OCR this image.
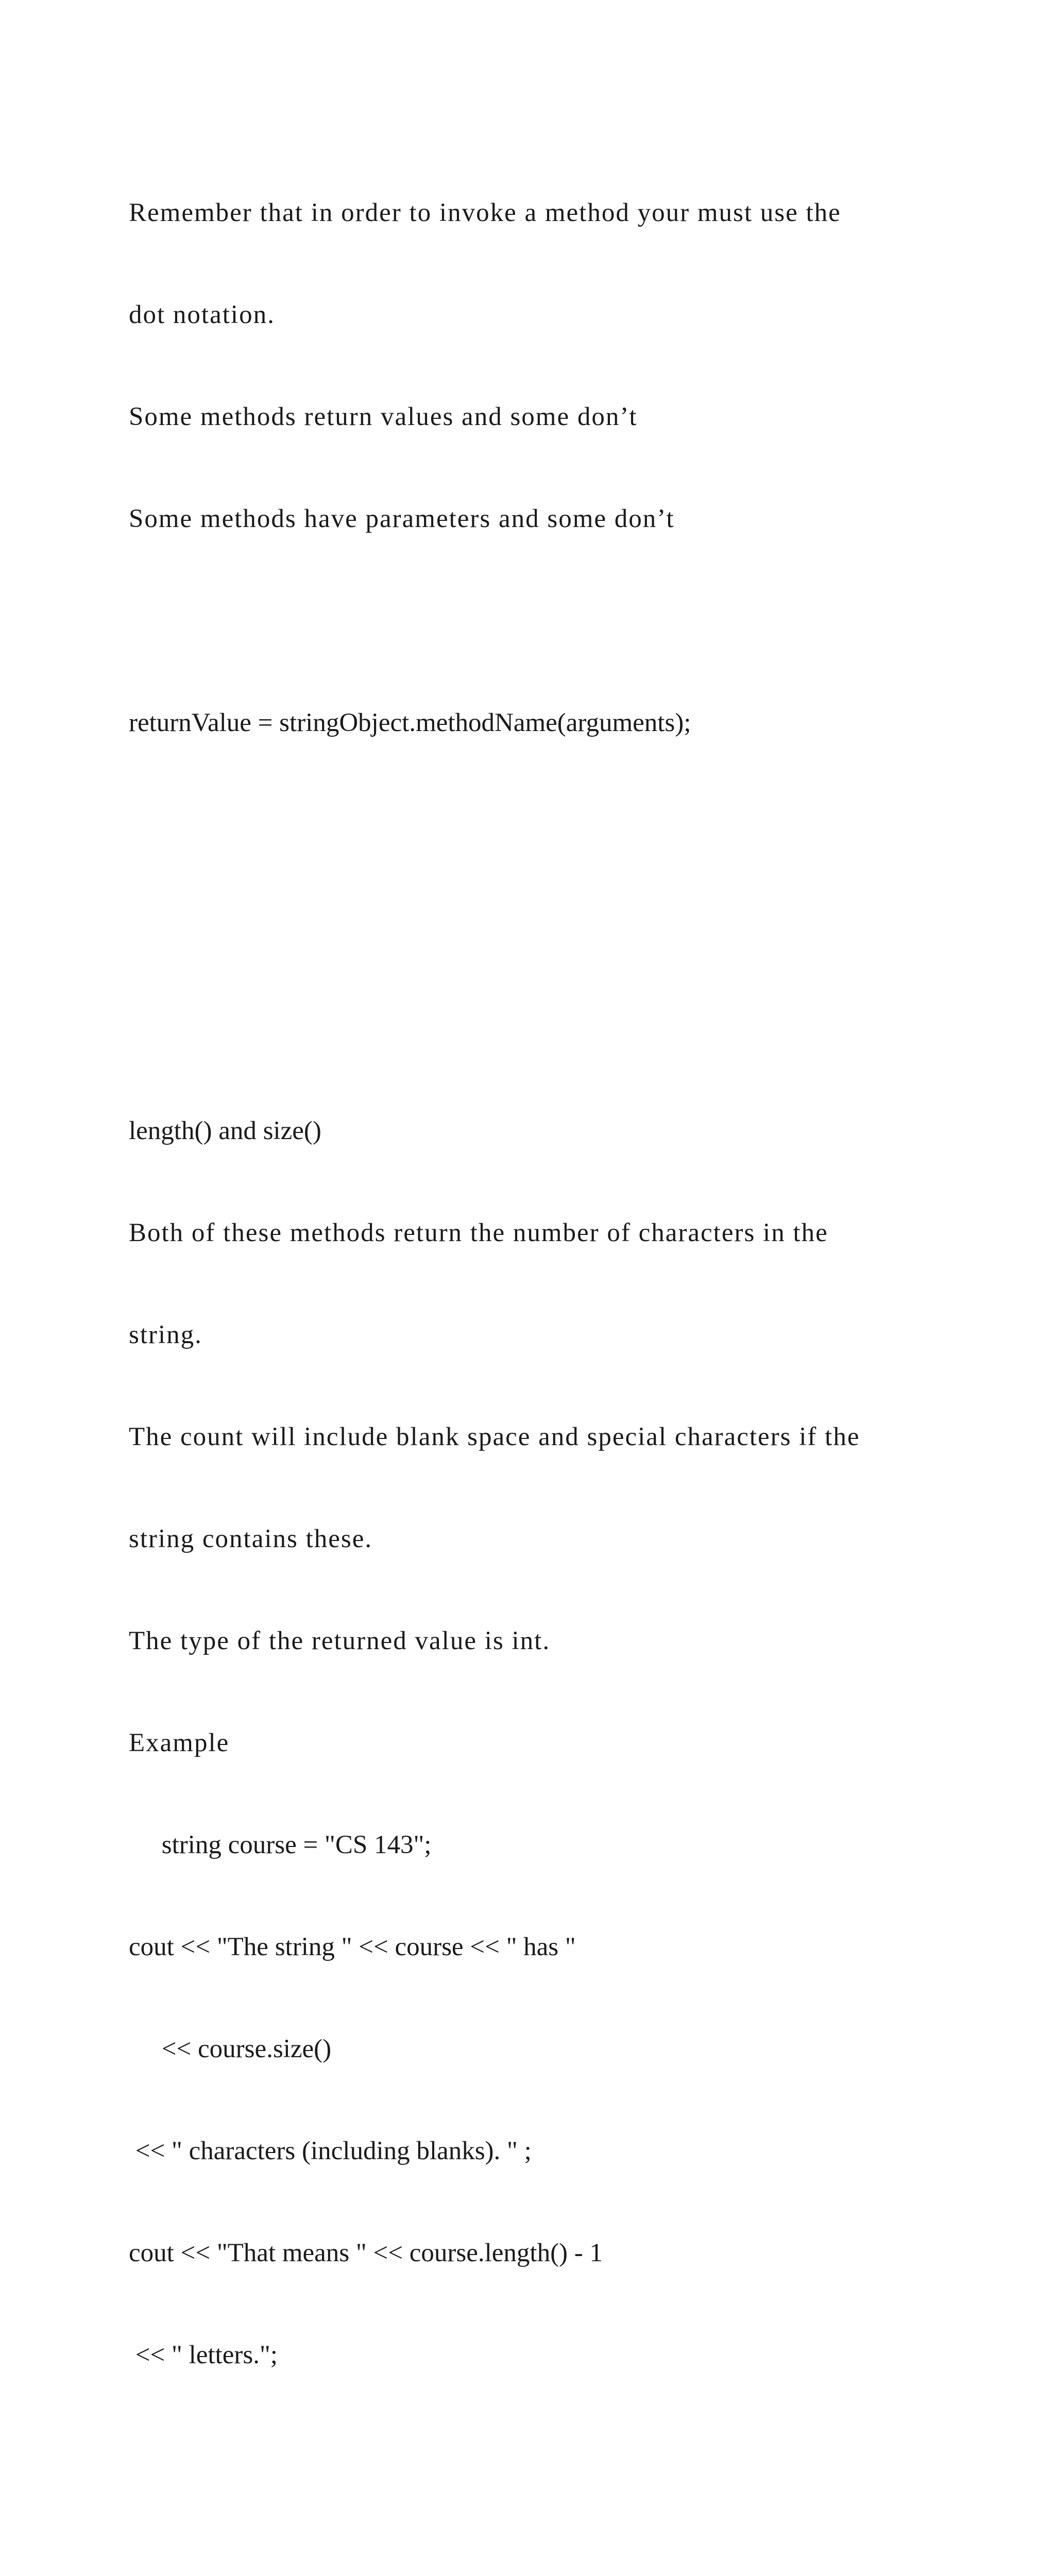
Remember that in order to invoke a method your must use the

dot notation.

Some methods return values and some don’t

Some methods have parameters and some don’t

returnValue = stringObject.methodName(arguments);

length() and size()

Both of these methods return the number of characters in the

string.

The count will include blank space and special characters if the

string contains these.

The type of the returned value is int.

Example

string course = "CS 143";

cout << "The string " << course << " has "

<< course.size()

<< " characters (including blanks). " ;

cout << "That means " << course.length() - 1

<< " letters.";
